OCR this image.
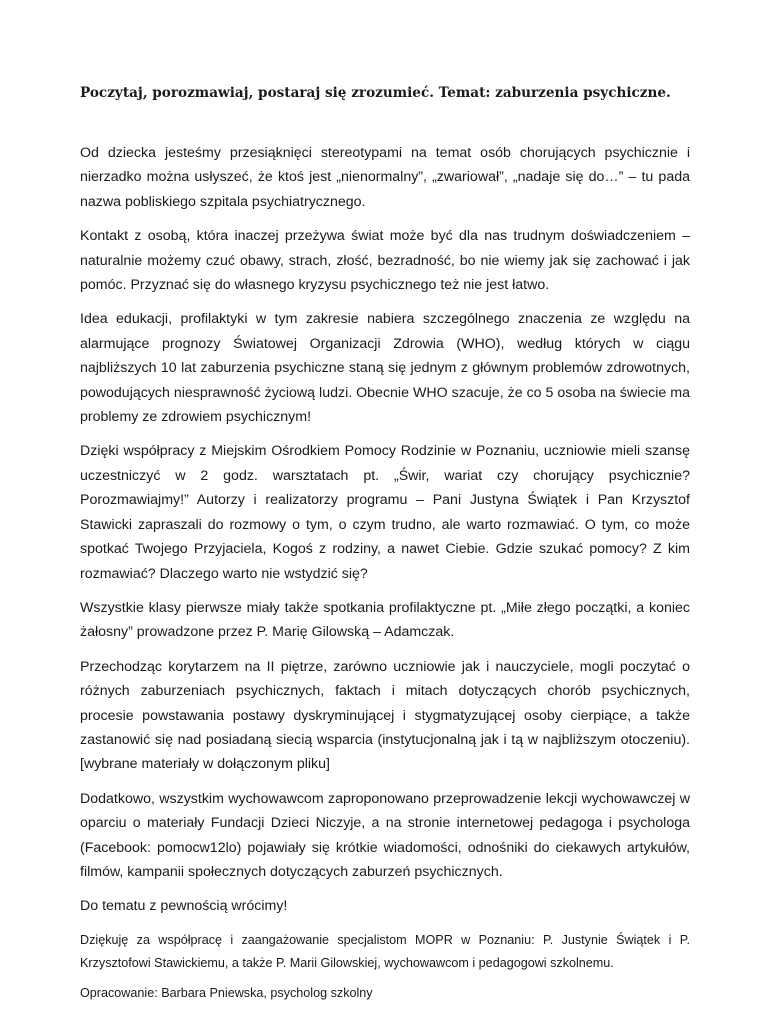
Poczytaj, porozmawiaj, postaraj się zrozumieć. Temat: zaburzenia psychiczne.

Od dziecka jesteśmy przesiąknięci stereotypami na temat osób chorujących psychicznie i nierzadko można usłyszeć, że ktoś jest „nienormalny”, „zwariował”, „nadaje się do…” – tu pada nazwa pobliskiego szpitala psychiatrycznego.

Kontakt z osobą, która inaczej przeżywa świat może być dla nas trudnym doświadczeniem – naturalnie możemy czuć obawy, strach, złość, bezradność, bo nie wiemy jak się zachować i jak pomóc. Przyznać się do własnego kryzysu psychicznego też nie jest łatwo.

Idea edukacji, profilaktyki w tym zakresie nabiera szczególnego znaczenia ze względu na alarmujące prognozy Światowej Organizacji Zdrowia (WHO), według których w ciągu najbliższych 10 lat zaburzenia psychiczne staną się jednym z głównym problemów zdrowotnych, powodujących niesprawność życiową ludzi. Obecnie WHO szacuje, że co 5 osoba na świecie ma problemy ze zdrowiem psychicznym!

Dzięki współpracy z Miejskim Ośrodkiem Pomocy Rodzinie w Poznaniu, uczniowie mieli szansę uczestniczyć w 2 godz. warsztatach pt. „Świr, wariat czy chorujący psychicznie? Porozmawiajmy!” Autorzy i realizatorzy programu – Pani Justyna Świątek i Pan Krzysztof Stawicki zapraszali do rozmowy o tym, o czym trudno, ale warto rozmawiać. O tym, co może spotkać Twojego Przyjaciela, Kogoś z rodziny, a nawet Ciebie. Gdzie szukać pomocy? Z kim rozmawiać? Dlaczego warto nie wstydzić się?

Wszystkie klasy pierwsze miały także spotkania profilaktyczne pt. „Miłe złego początki, a koniec żałosny” prowadzone przez P. Marię Gilowską – Adamczak.

Przechodząc korytarzem na II piętrze, zarówno uczniowie jak i nauczyciele, mogli poczytać o różnych zaburzeniach psychicznych, faktach i mitach dotyczących chorób psychicznych, procesie powstawania postawy dyskryminującej i stygmatyzującej osoby cierpiące, a także zastanowić się nad posiadaną siecią wsparcia (instytucjonalną jak i tą w najbliższym otoczeniu). [wybrane materiały w dołączonym pliku]

Dodatkowo, wszystkim wychowawcom zaproponowano przeprowadzenie lekcji wychowawczej w oparciu o materiały Fundacji Dzieci Niczyje, a na stronie internetowej pedagoga i psychologa (Facebook: pomocw12lo) pojawiały się krótkie wiadomości, odnośniki do ciekawych artykułów, filmów, kampanii społecznych dotyczących zaburzeń psychicznych.

Do tematu z pewnością wrócimy!

Dziękuję za współpracę i zaangażowanie specjalistom MOPR w Poznaniu: P. Justynie Świątek i P. Krzysztofowi Stawickiemu, a także P. Marii Gilowskiej, wychowawcom i pedagogowi szkolnemu.

Opracowanie: Barbara Pniewska, psycholog szkolny
